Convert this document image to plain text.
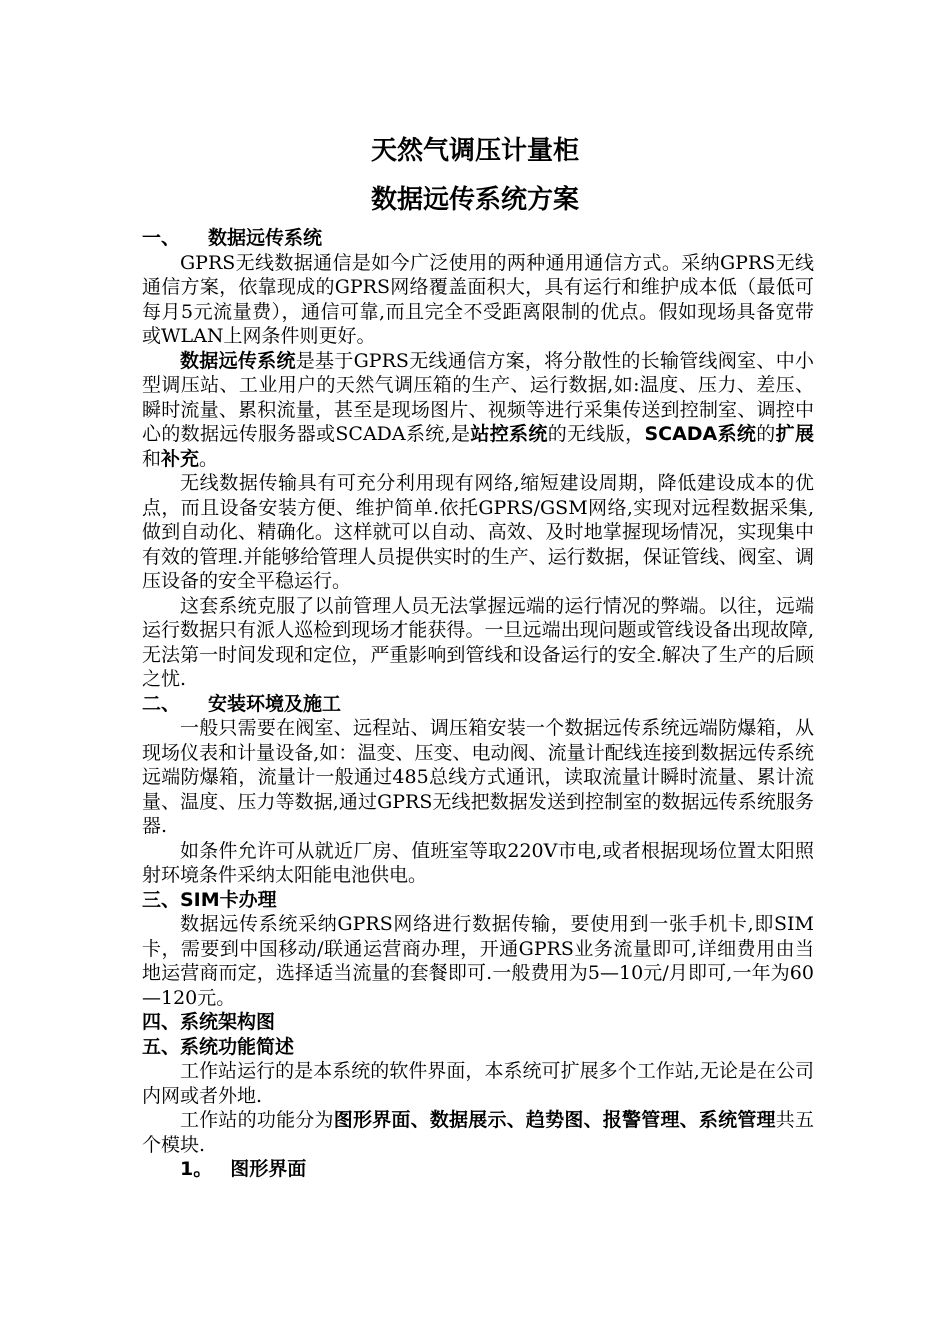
天然气调压计量柜
数据远传系统方案
一、 数据远传系统

GPRS无线数据通信是如今广泛使用的两种通用通信方式。采纳GPRS无线通信方案，依靠现成的GPRS网络覆盖面积大，具有运行和维护成本低（最低可每月5元流量费），通信可靠,而且完全不受距离限制的优点。假如现场具备宽带或WLAN上网条件则更好。

数据远传系统是基于GPRS无线通信方案，将分散性的长输管线阀室、中小型调压站、工业用户的天然气调压箱的生产、运行数据,如:温度、压力、差压、瞬时流量、累积流量，甚至是现场图片、视频等进行采集传送到控制室、调控中心的数据远传服务器或SCADA系统,是站控系统的无线版，SCADA系统的扩展和补充。

无线数据传输具有可充分利用现有网络,缩短建设周期，降低建设成本的优点，而且设备安装方便、维护简单.依托GPRS/GSM网络,实现对远程数据采集,做到自动化、精确化。这样就可以自动、高效、及时地掌握现场情况，实现集中有效的管理.并能够给管理人员提供实时的生产、运行数据，保证管线、阀室、调压设备的安全平稳运行。

这套系统克服了以前管理人员无法掌握远端的运行情况的弊端。以往，远端运行数据只有派人巡检到现场才能获得。一旦远端出现问题或管线设备出现故障,无法第一时间发现和定位，严重影响到管线和设备运行的安全.解决了生产的后顾之忧.

二、 安装环境及施工

一般只需要在阀室、远程站、调压箱安装一个数据远传系统远端防爆箱，从现场仪表和计量设备,如：温变、压变、电动阀、流量计配线连接到数据远传系统远端防爆箱，流量计一般通过485总线方式通讯，读取流量计瞬时流量、累计流量、温度、压力等数据,通过GPRS无线把数据发送到控制室的数据远传系统服务器.

如条件允许可从就近厂房、值班室等取220V市电,或者根据现场位置太阳照射环境条件采纳太阳能电池供电。

三、SIM卡办理

数据远传系统采纳GPRS网络进行数据传输，要使用到一张手机卡,即SIM卡，需要到中国移动/联通运营商办理，开通GPRS业务流量即可,详细费用由当地运营商而定，选择适当流量的套餐即可.一般费用为5—10元/月即可,一年为60—120元。

四、系统架构图
五、系统功能简述

工作站运行的是本系统的软件界面，本系统可扩展多个工作站,无论是在公司内网或者外地.

工作站的功能分为图形界面、数据展示、趋势图、报警管理、系统管理共五个模块.

1。 图形界面
